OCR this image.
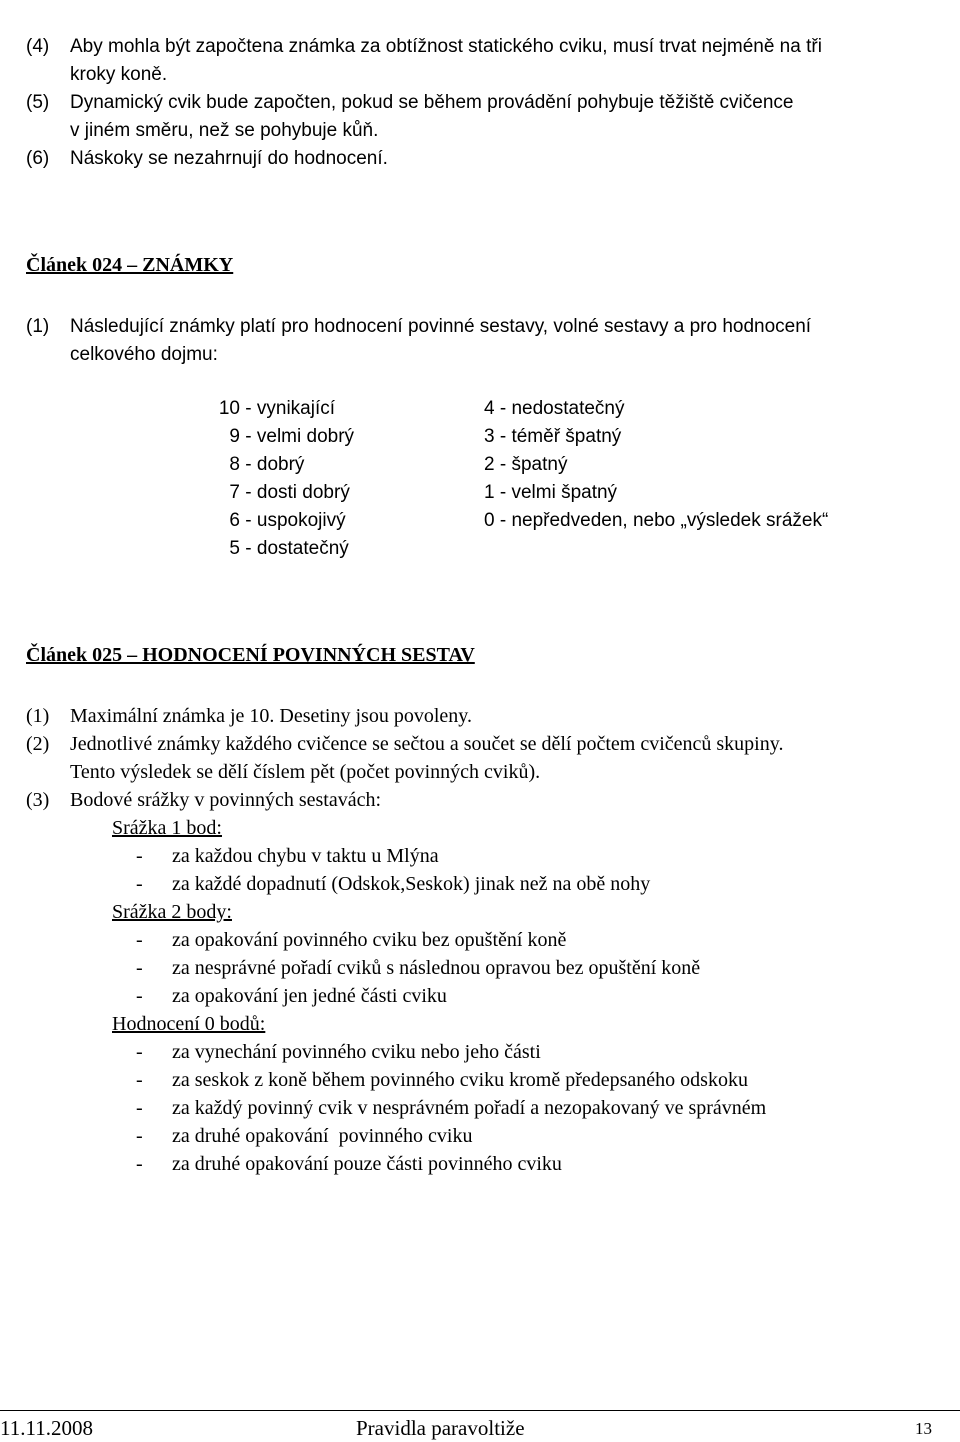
(4) Aby mohla být započtena známka za obtížnost statického cviku, musí trvat nejméně na tři
kroky koně.
(5) Dynamický cvik bude započten, pokud se během provádění pohybuje těžiště cvičence
v jiném směru, než se pohybuje kůň.
(6) Náskoky se nezahrnují do hodnocení.
Článek 024 – ZNÁMKY
(1) Následující známky platí pro hodnocení povinné sestavy, volné sestavy a pro hodnocení
celkového dojmu:
10 - vynikající
9 - velmi dobrý
8 - dobrý
7 - dosti dobrý
6 - uspokojivý
5 - dostatečný
4 - nedostatečný
3 - téměř špatný
2 - špatný
1 - velmi špatný
0 - nepředveden, nebo „výsledek srážek“
Článek 025 – HODNOCENÍ POVINNÝCH SESTAV
(1) Maximální známka je 10. Desetiny jsou povoleny.
(2) Jednotlivé známky každého cvičence se sečtou a součet se dělí počtem cvičenců skupiny.
Tento výsledek se dělí číslem pět (počet povinných cviků).
(3) Bodové srážky v povinných sestavách:
Srážka 1 bod:
- za každou chybu v taktu u Mlýna
- za každé dopadnutí (Odskok,Seskok) jinak než na obě nohy
Srážka 2 body:
- za opakování povinného cviku bez opuštění koně
- za nesprávné pořadí cviků s následnou opravou bez opuštění koně
- za opakování jen jedné části cviku
Hodnocení 0 bodů:
- za vynechání povinného cviku nebo jeho části
- za seskok z koně během povinného cviku kromě předepsaného odskoku
- za každý povinný cvik v nesprávném pořadí a nezopakovaný ve správném
- za druhé opakování  povinného cviku
- za druhé opakování pouze části povinného cviku
11.11.2008	Pravidla paravoltiže	13
